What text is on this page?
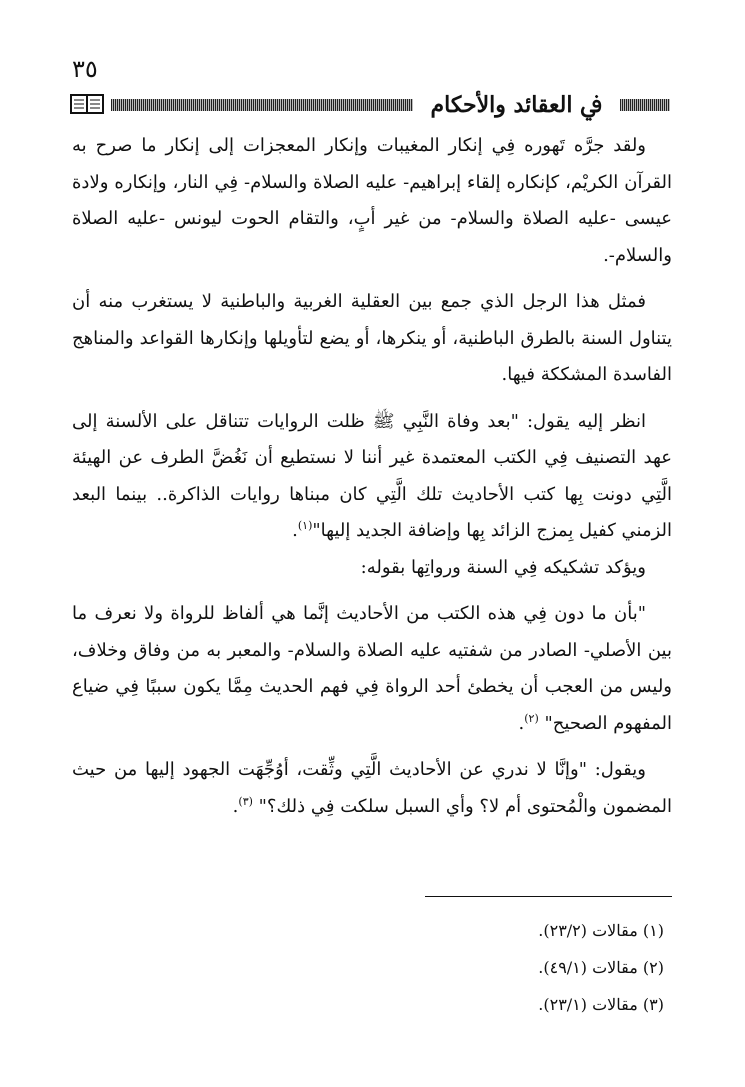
٣٥
ﰲ العقائد والأحكام

ولقد جرَّه تَهوره فِي إنكار المغيبات وإنكار المعجزات إلى إنكار ما صرح به القرآن الكريْم، كإنكاره إلقاء إبراهيم- عليه الصلاة والسلام- فِي النار، وإنكاره ولادة عيسى -عليه الصلاة والسلام- من غير أبٍ، والتقام الحوت ليونس -عليه الصلاة والسلام-.

فمثل هذا الرجل الذي جمع بين العقلية الغربية والباطنية لا يستغرب منه أن يتناول السنة بالطرق الباطنية، أو ينكرها، أو يضع لتأويلها وإنكارها القواعد والمناهج الفاسدة المشككة فيها.

انظر إليه يقول: "بعد وفاة النَّبِي ﷺ ظلت الروايات تتناقل على الألسنة إلى عهد التصنيف فِي الكتب المعتمدة غير أننا لا نستطيع أن نَغُضَّ الطرف عن الهيئة الَّتِي دونت بِها كتب الأحاديث تلك الَّتِي كان مبناها روايات الذاكرة.. بينما البعد الزمني كفيل بِمزج الزائد بِها وإضافة الجديد إليها"$^{(١)}$.

ويؤكد تشكيكه فِي السنة ورواتِها بقوله:

"بأن ما دون فِي هذه الكتب من الأحاديث إنَّما هي ألفاظ للرواة ولا نعرف ما بين الأصلي- الصادر من شفتيه عليه الصلاة والسلام- والمعبر به من وفاق وخلاف، وليس من العجب أن يخطئ أحد الرواة فِي فهم الحديث مِمَّا يكون سببًا فِي ضياع المفهوم الصحيح" $^{(٢)}$.

ويقول: "وإنَّا لا ندري عن الأحاديث الَّتِي وثِّقت، أوُجِّهَت الجهود إليها من حيث المضمون والْمُحتوى أم لا؟ وأي السبل سلكت فِي ذلك؟" $^{(٣)}$.

(١) مقالات (٢٣/٢).

(٢) مقالات (٤٩/١).

(٣) مقالات (٢٣/١).
